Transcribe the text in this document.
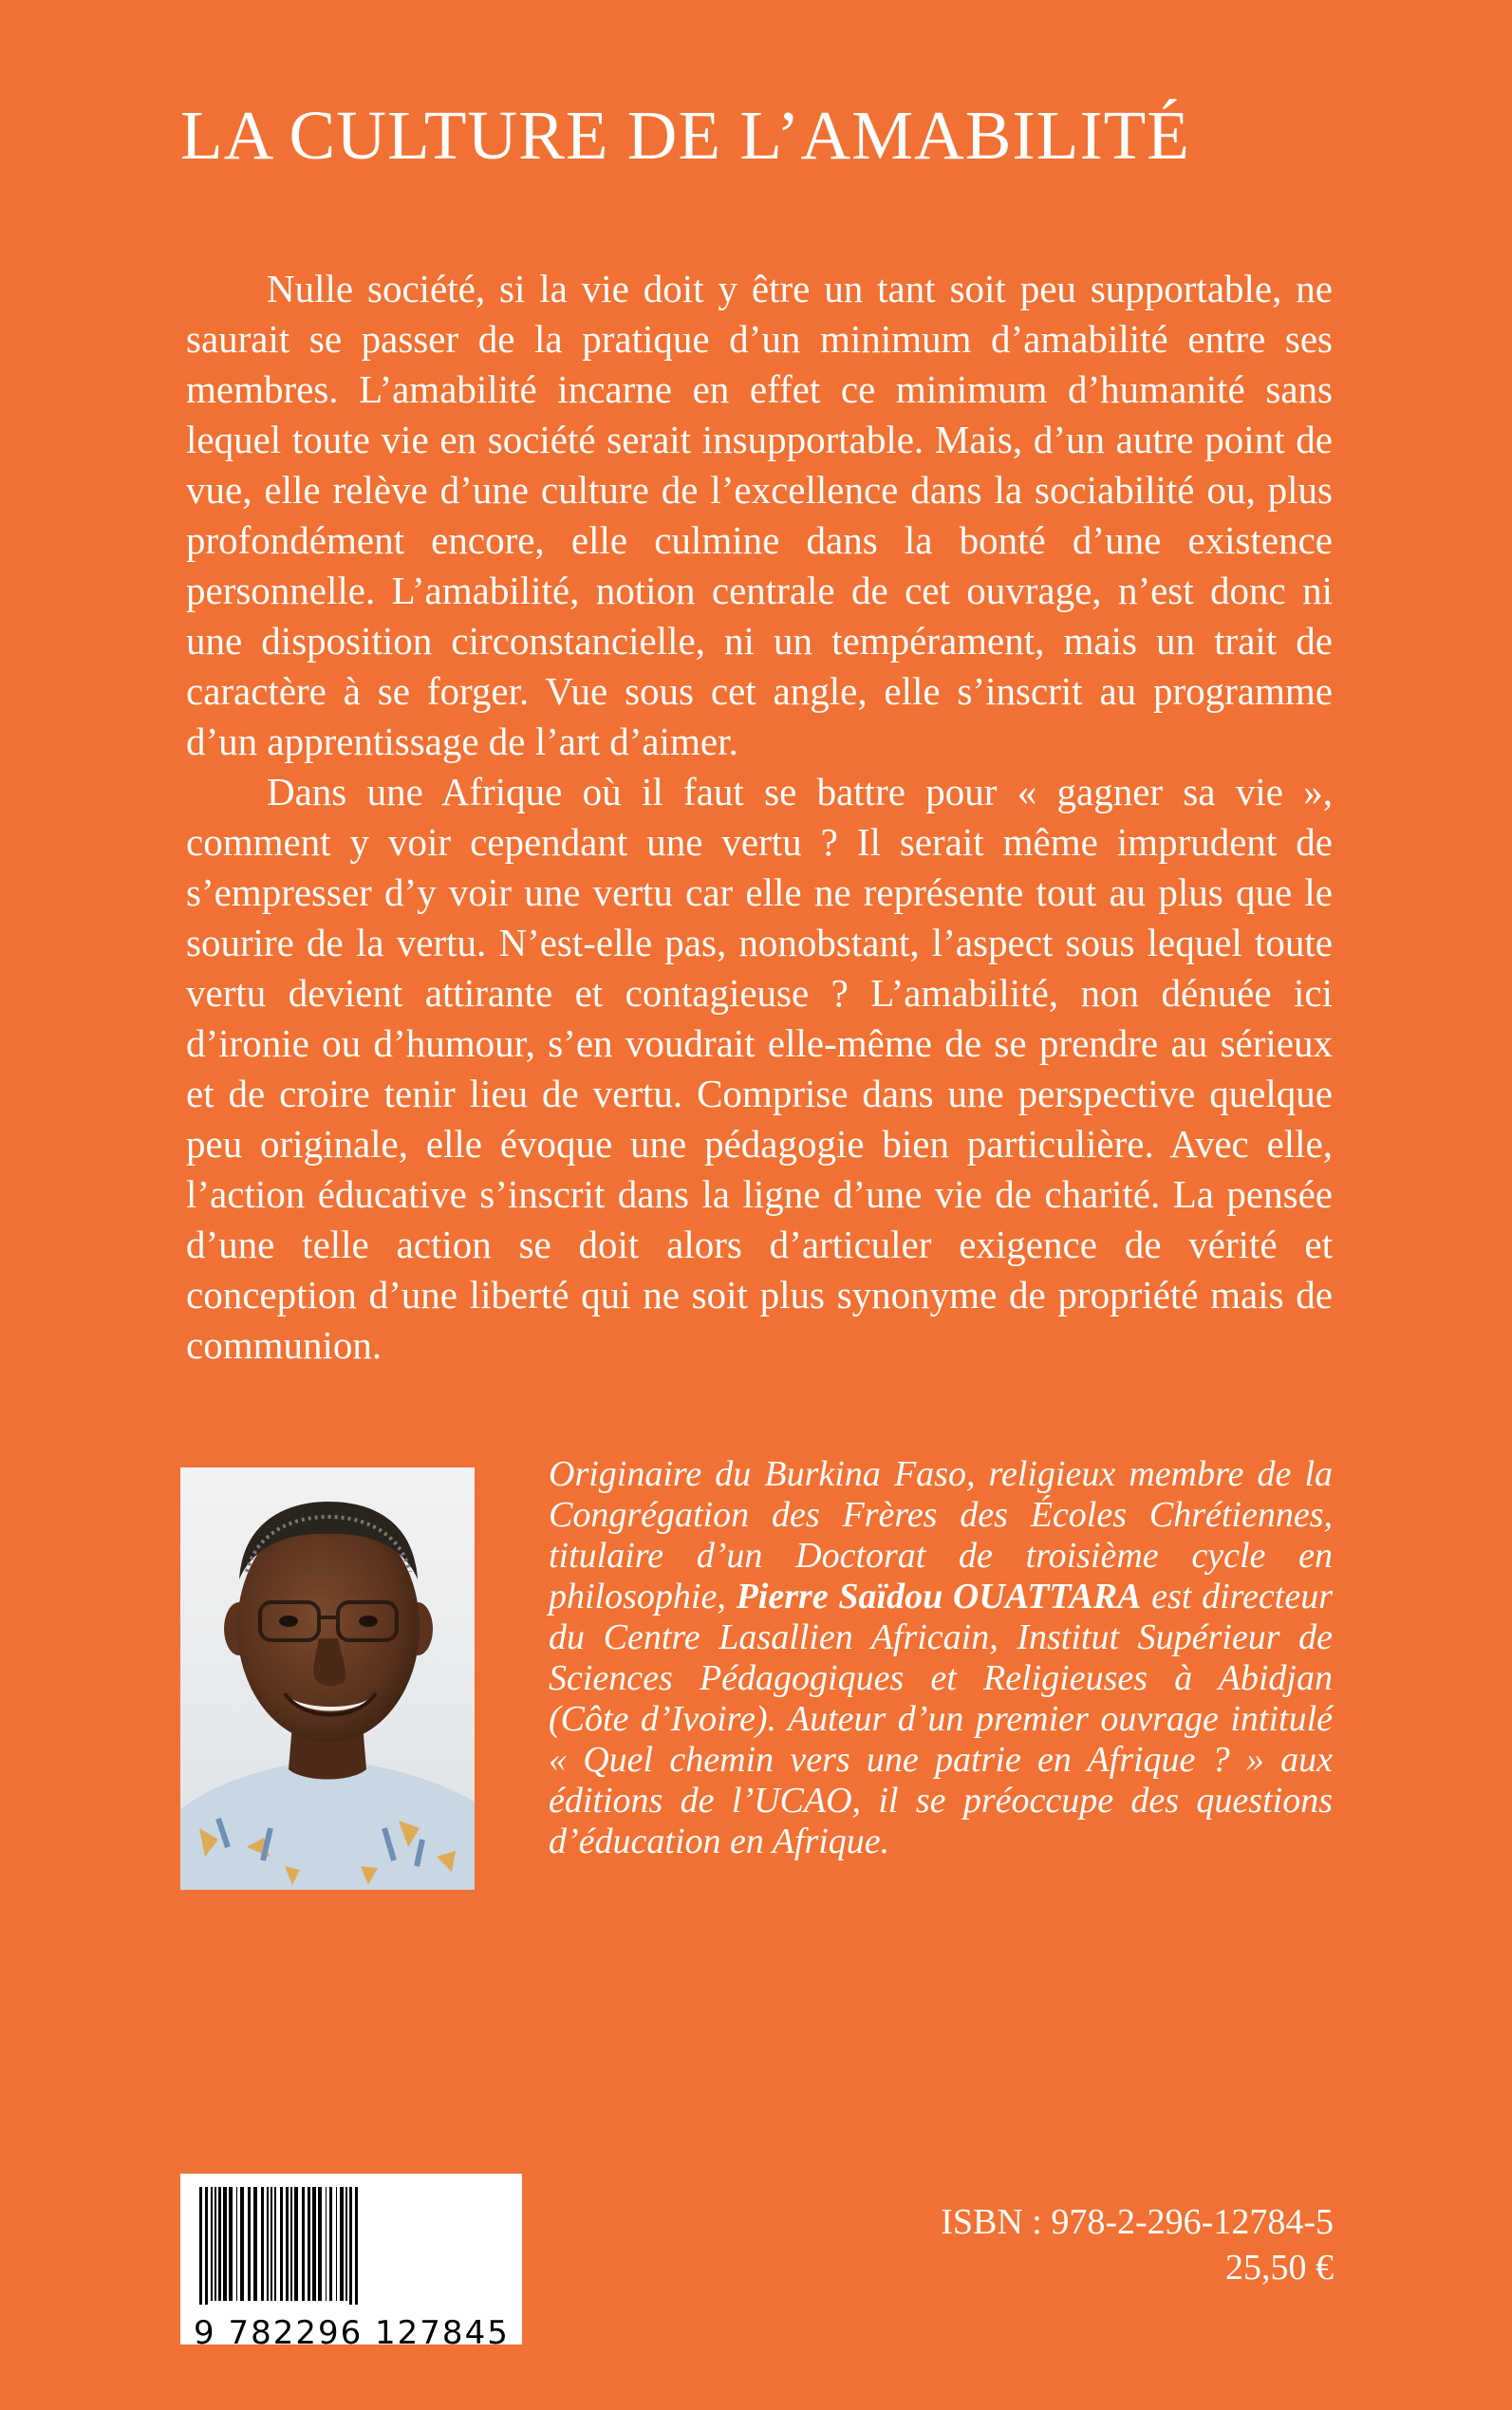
LA CULTURE DE L’AMABILITÉ

Nulle société, si la vie doit y être un tant soit peu supportable, ne saurait se passer de la pratique d’un minimum d’amabilité entre ses membres. L’amabilité incarne en effet ce minimum d’humanité sans lequel toute vie en société serait insupportable. Mais, d’un autre point de vue, elle relève d’une culture de l’excellence dans la sociabilité ou, plus profondément encore, elle culmine dans la bonté d’une existence personnelle. L’amabilité, notion centrale de cet ouvrage, n’est donc ni une disposition circonstancielle, ni un tempérament, mais un trait de caractère à se forger. Vue sous cet angle, elle s’inscrit au programme d’un apprentissage de l’art d’aimer.

Dans une Afrique où il faut se battre pour « gagner sa vie », comment y voir cependant une vertu ? Il serait même imprudent de s’empresser d’y voir une vertu car elle ne représente tout au plus que le sourire de la vertu. N’est-elle pas, nonobstant, l’aspect sous lequel toute vertu devient attirante et contagieuse ? L’amabilité, non dénuée ici d’ironie ou d’humour, s’en voudrait elle-même de se prendre au sérieux et de croire tenir lieu de vertu. Comprise dans une perspective quelque peu originale, elle évoque une pédagogie bien particulière. Avec elle, l’action éducative s’inscrit dans la ligne d’une vie de charité. La pensée d’une telle action se doit alors d’articuler exigence de vérité et conception d’une liberté qui ne soit plus synonyme de propriété mais de communion.

Originaire du Burkina Faso, religieux membre de la Congrégation des Frères des Écoles Chrétiennes, titulaire d’un Doctorat de troisième cycle en philosophie, Pierre Saïdou OUATTARA est directeur du Centre Lasallien Africain, Institut Supérieur de Sciences Pédagogiques et Religieuses à Abidjan (Côte d’Ivoire). Auteur d’un premier ouvrage intitulé « Quel chemin vers une patrie en Afrique ? » aux éditions de l’UCAO, il se préoccupe des questions d’éducation en Afrique.

9 782296 127845
ISBN : 978-2-296-12784-5
25,50 €
